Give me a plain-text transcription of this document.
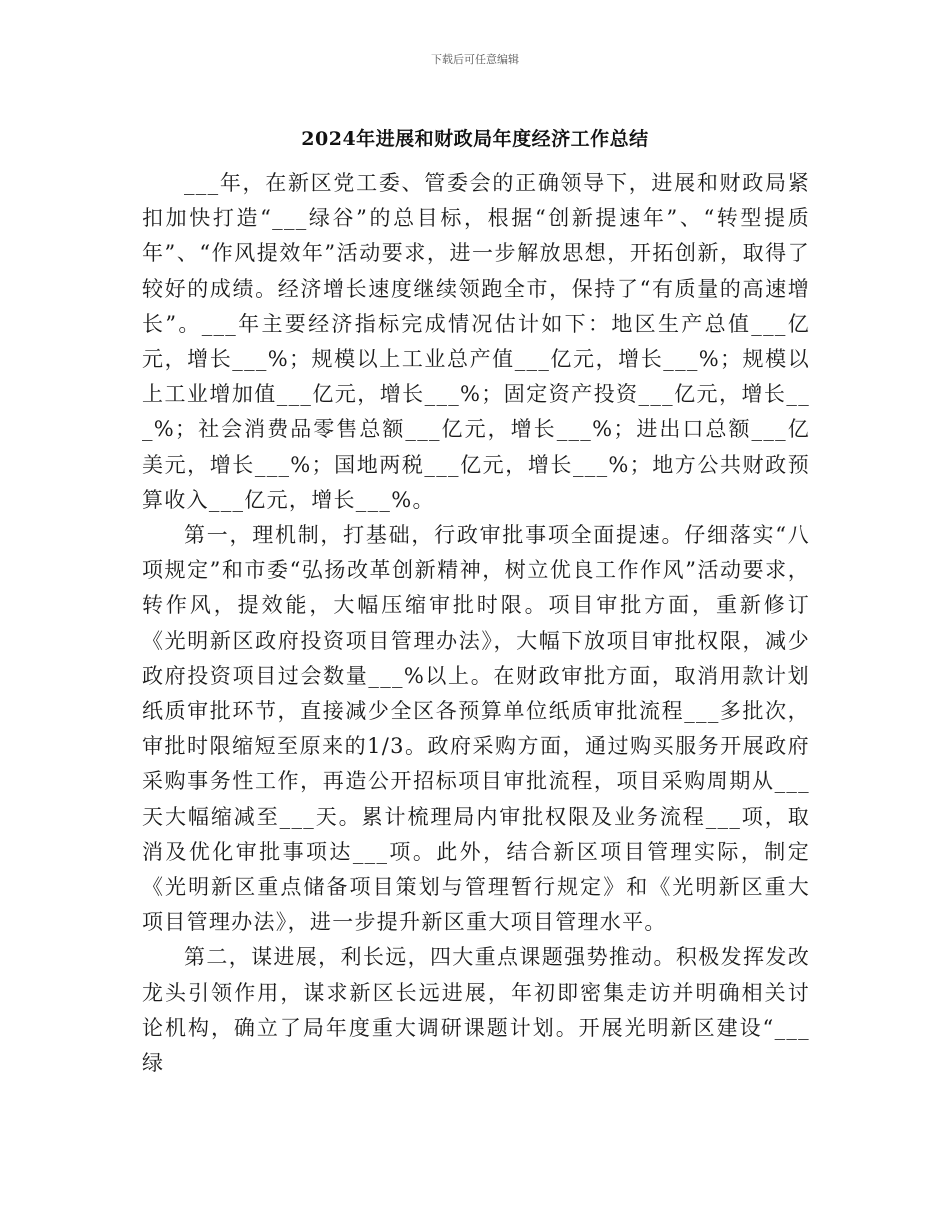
下载后可任意编辑
2024年进展和财政局年度经济工作总结

___年，在新区党工委、管委会的正确领导下，进展和财政局紧扣加快打造“___绿谷”的总目标，根据“创新提速年”、“转型提质年”、“作风提效年”活动要求，进一步解放思想，开拓创新，取得了较好的成绩。经济增长速度继续领跑全市，保持了“有质量的高速增长”。___年主要经济指标完成情况估计如下：地区生产总值___亿元，增长___%；规模以上工业总产值___亿元，增长___%；规模以上工业增加值___亿元，增长___%；固定资产投资___亿元，增长___%；社会消费品零售总额___亿元，增长___%；进出口总额___亿美元，增长___%；国地两税___亿元，增长___%；地方公共财政预算收入___亿元，增长___%。

第一，理机制，打基础，行政审批事项全面提速。仔细落实“八项规定”和市委“弘扬改革创新精神，树立优良工作作风”活动要求，转作风，提效能，大幅压缩审批时限。项目审批方面，重新修订《光明新区政府投资项目管理办法》，大幅下放项目审批权限，减少政府投资项目过会数量___%以上。在财政审批方面，取消用款计划纸质审批环节，直接减少全区各预算单位纸质审批流程___多批次，审批时限缩短至原来的1/3。政府采购方面，通过购买服务开展政府采购事务性工作，再造公开招标项目审批流程，项目采购周期从___天大幅缩减至___天。累计梳理局内审批权限及业务流程___项，取消及优化审批事项达___项。此外，结合新区项目管理实际，制定《光明新区重点储备项目策划与管理暂行规定》和《光明新区重大项目管理办法》，进一步提升新区重大项目管理水平。

第二，谋进展，利长远，四大重点课题强势推动。积极发挥发改龙头引领作用，谋求新区长远进展，年初即密集走访并明确相关讨论机构，确立了局年度重大调研课题计划。开展光明新区建设“___绿
